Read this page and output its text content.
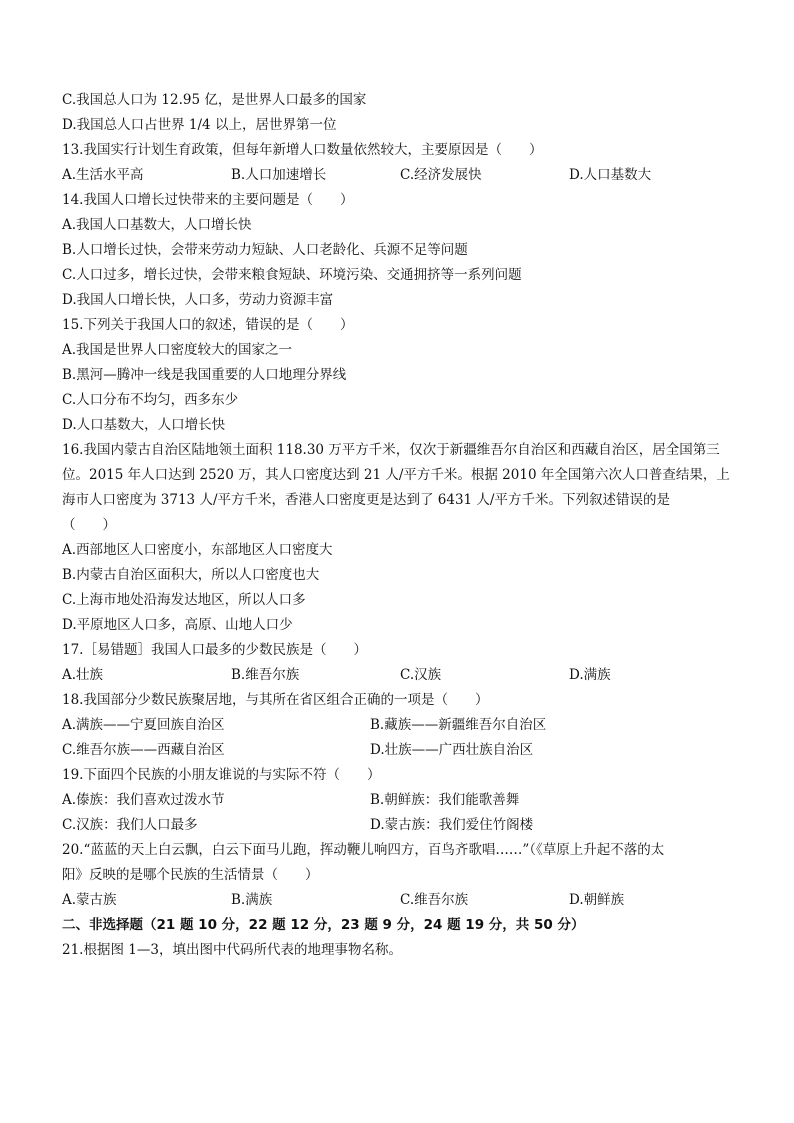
C.我国总人口为 12.95 亿，是世界人口最多的国家
D.我国总人口占世界 1/4 以上，居世界第一位
13.我国实行计划生育政策，但每年新增人口数量依然较大，主要原因是（　　）
A.生活水平高	B.人口加速增长	C.经济发展快	D.人口基数大
14.我国人口增长过快带来的主要问题是（　　）
A.我国人口基数大，人口增长快
B.人口增长过快，会带来劳动力短缺、人口老龄化、兵源不足等问题
C.人口过多，增长过快，会带来粮食短缺、环境污染、交通拥挤等一系列问题
D.我国人口增长快，人口多，劳动力资源丰富
15.下列关于我国人口的叙述，错误的是（　　）
A.我国是世界人口密度较大的国家之一
B.黑河—腾冲一线是我国重要的人口地理分界线
C.人口分布不均匀，西多东少
D.人口基数大，人口增长快
16.我国内蒙古自治区陆地领土面积 118.30 万平方千米，仅次于新疆维吾尔自治区和西藏自治区，居全国第三
位。2015 年人口达到 2520 万，其人口密度达到 21 人/平方千米。根据 2010 年全国第六次人口普查结果，上
海市人口密度为 3713 人/平方千米，香港人口密度更是达到了 6431 人/平方千米。下列叙述错误的是
（　　）
A.西部地区人口密度小，东部地区人口密度大
B.内蒙古自治区面积大，所以人口密度也大
C.上海市地处沿海发达地区，所以人口多
D.平原地区人口多，高原、山地人口少
17.［易错题］我国人口最多的少数民族是（　　）
A.壮族	B.维吾尔族	C.汉族	D.满族
18.我国部分少数民族聚居地，与其所在省区组合正确的一项是（　　）
A.满族——宁夏回族自治区	B.藏族——新疆维吾尔自治区
C.维吾尔族——西藏自治区	D.壮族——广西壮族自治区
19.下面四个民族的小朋友谁说的与实际不符（　　）
A.傣族：我们喜欢过泼水节	B.朝鲜族：我们能歌善舞
C.汉族：我们人口最多	D.蒙古族：我们爱住竹阁楼
20.“蓝蓝的天上白云飘，白云下面马儿跑，挥动鞭儿响四方，百鸟齐歌唱……”（《草原上升起不落的太
阳》反映的是哪个民族的生活情景（　　）
A.蒙古族	B.满族	C.维吾尔族	D.朝鲜族
二、非选择题（21 题 10 分，22 题 12 分，23 题 9 分，24 题 19 分，共 50 分）
21.根据图 1—3，填出图中代码所代表的地理事物名称。
